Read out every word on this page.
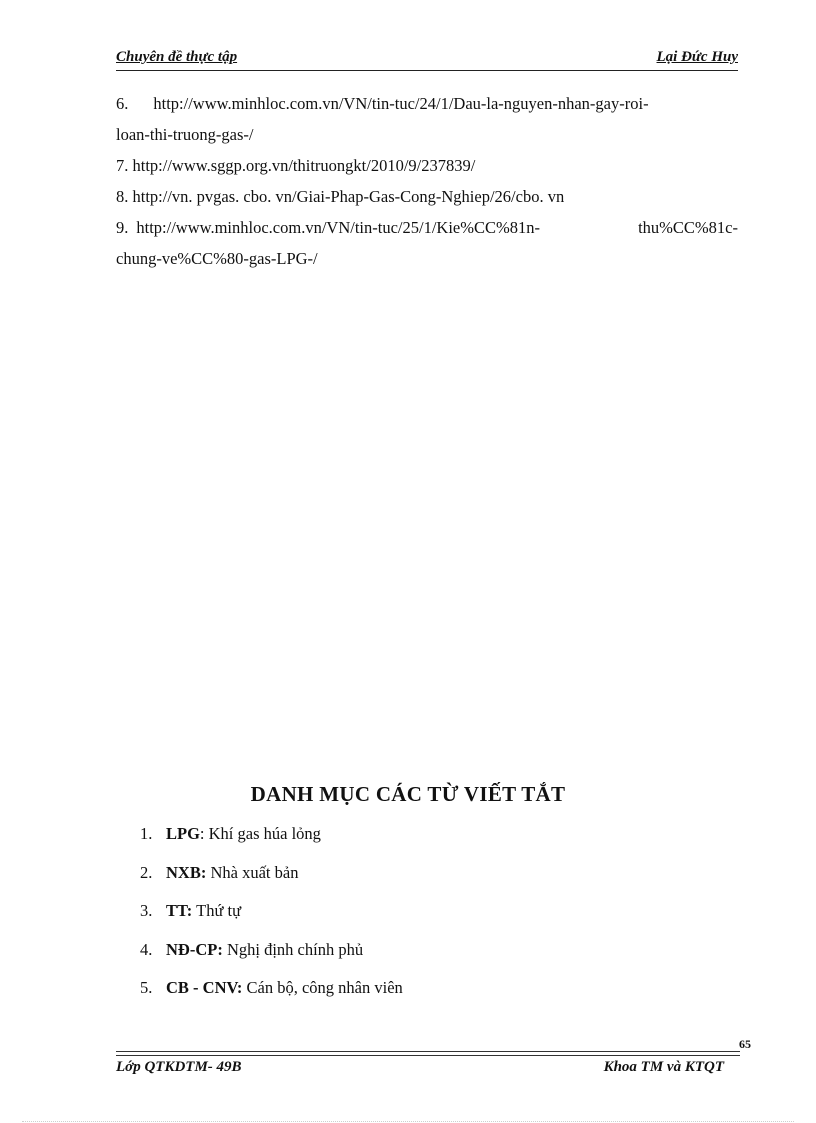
Chuyên đề thực tập	Lại Đức Huy
6. http://www.minhloc.com.vn/VN/tin-tuc/24/1/Dau-la-nguyen-nhan-gay-roi-
loan-thi-truong-gas-/
7. http://www.sggp.org.vn/thitruongkt/2010/9/237839/
8. http://vn. pvgas. cbo. vn/Giai-Phap-Gas-Cong-Nghiep/26/cbo. vn
9. http://www.minhloc.com.vn/VN/tin-tuc/25/1/Kie%CC%81n-	thu%CC%81c-
chung-ve%CC%80-gas-LPG-/
DANH MỤC CÁC TỪ VIẾT TẮT
1. LPG: Khí gas húa lỏng
2. NXB: Nhà xuất bản
3. TT: Thứ tự
4. NĐ-CP: Nghị định chính phủ
5. CB - CNV: Cán bộ, công nhân viên
65
Lớp QTKDTM- 49B	Khoa TM và KTQT
